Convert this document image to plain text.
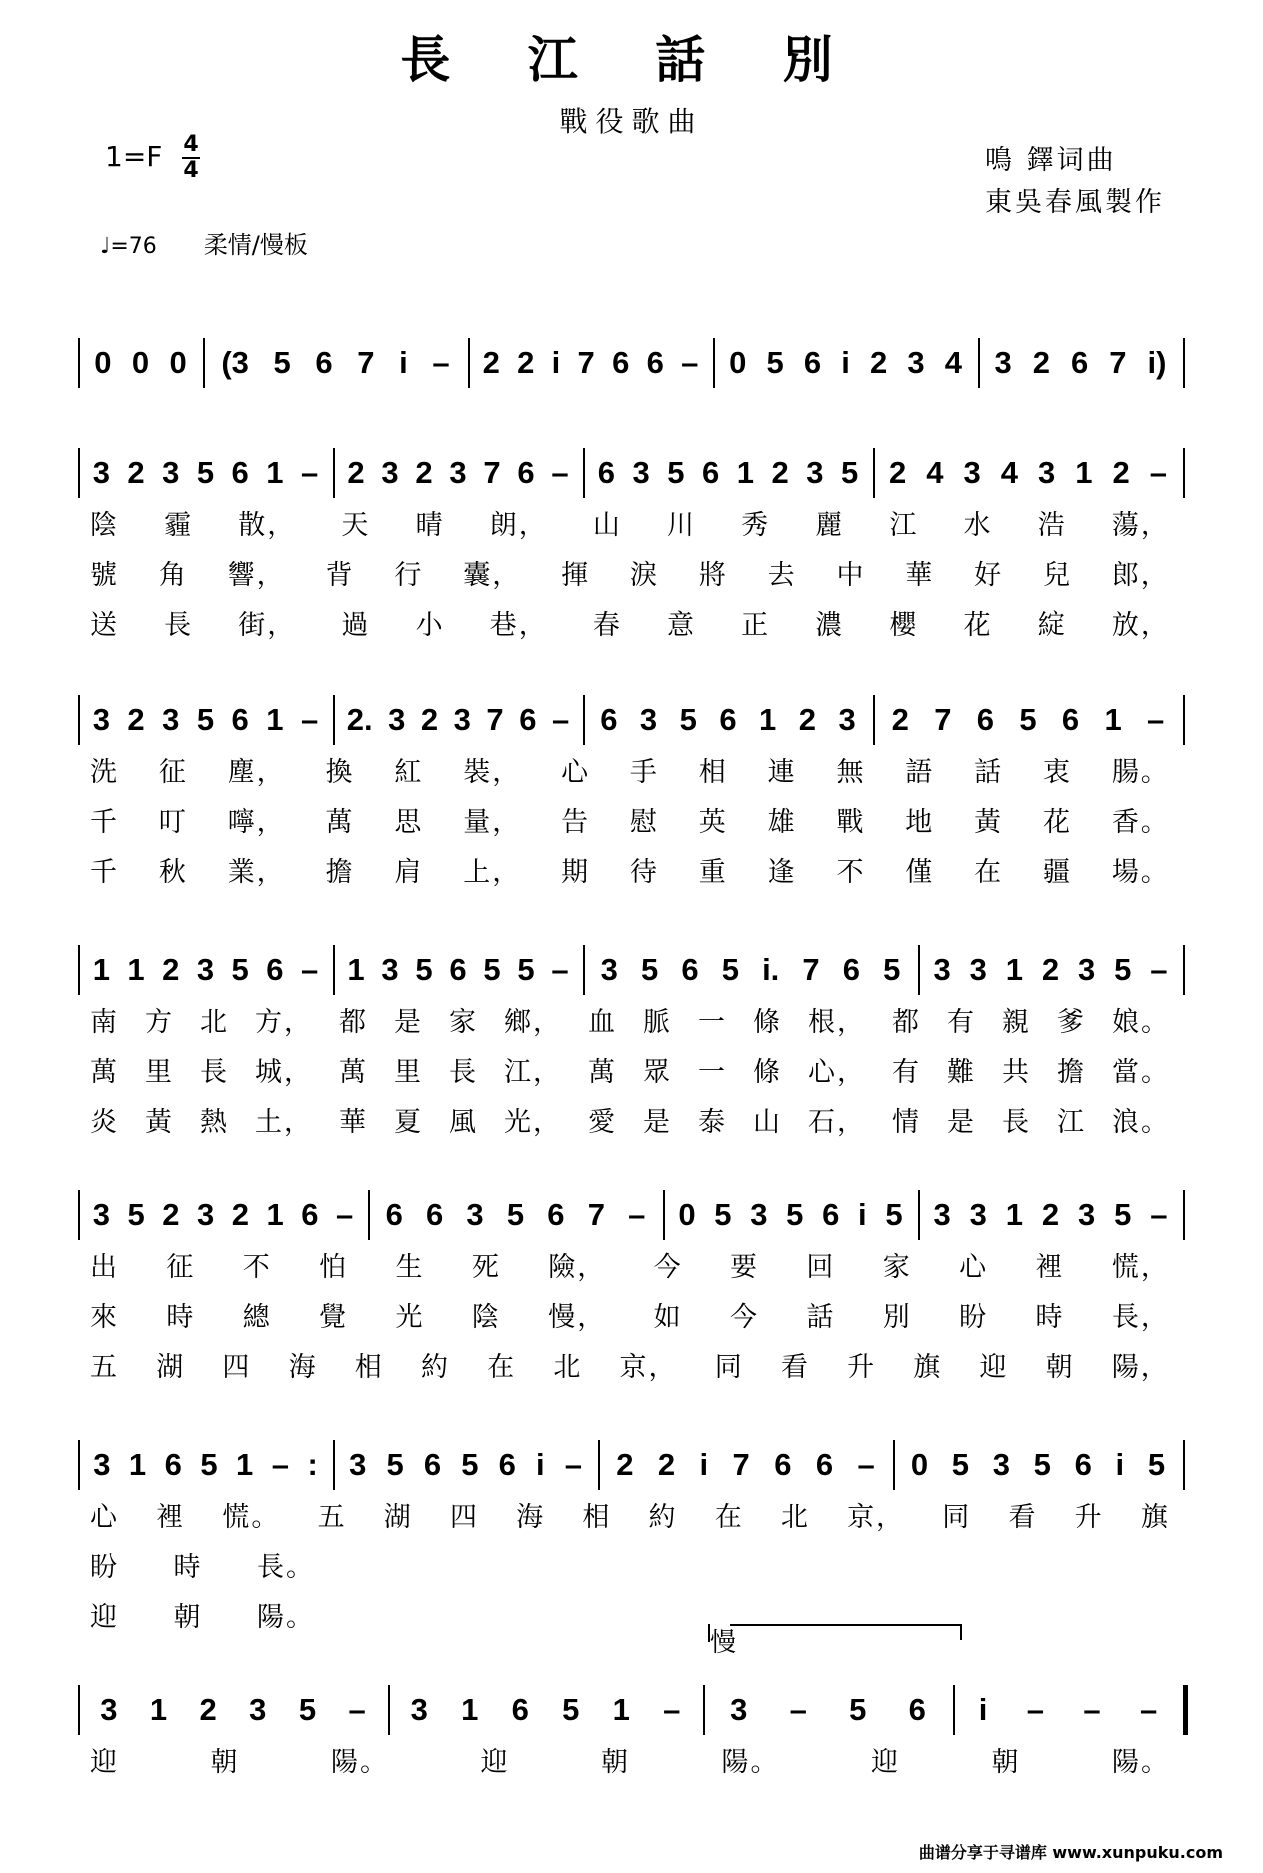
長 江 話 別
戰役歌曲
1=F 4
4	鳴 鐸词曲
東吳春風製作
♩=76 柔情/慢板
慢
0 0 0 (3 5 6 7 i – 2 2 i 7 6 6 – 0 5 6 i 2 3 4 3 2 6 7 i)
3 2 3 5 6 1 – 2 3 2 3 7 6 – 6 3 5 6 1 2 3 5 2 4 3 4 3 1 2 –
陰 霾 散， 天 晴 朗， 山 川 秀 麗 江 水 浩 蕩，
號 角 響， 背 行 囊， 揮 淚 將 去 中 華 好 兒 郎，
送 長 街， 過 小 巷， 春 意 正 濃 櫻 花 綻 放，
3 2 3 5 6 1 – 2. 3 2 3 7 6 – 6 3 5 6 1 2 3 2 7 6 5 6 1 –
洗 征 塵， 換 紅 裝， 心 手 相 連 無 語 話 衷 腸。
千 叮 嚀， 萬 思 量， 告 慰 英 雄 戰 地 黃 花 香。
千 秋 業， 擔 肩 上， 期 待 重 逢 不 僅 在 疆 場。
1 1 2 3 5 6 – 1 3 5 6 5 5 – 3 5 6 5 i. 7 6 5 3 3 1 2 3 5 –
南 方 北 方， 都 是 家 鄉， 血 脈 一 條 根， 都 有 親 爹 娘。
萬 里 長 城， 萬 里 長 江， 萬 眾 一 條 心， 有 難 共 擔 當。
炎 黃 熱 土， 華 夏 風 光， 愛 是 泰 山 石， 情 是 長 江 浪。
3 5 2 3 2 1 6 – 6 6 3 5 6 7 – 0 5 3 5 6 i 5 3 3 1 2 3 5 –
出 征 不 怕 生 死 險， 今 要 回 家 心 裡 慌，
來 時 總 覺 光 陰 慢， 如 今 話 別 盼 時 長，
五 湖 四 海 相 約 在 北 京， 同 看 升 旗 迎 朝 陽，
3 1 6 5 1 – : 3 5 6 5 6 i – 2 2 i 7 6 6 – 0 5 3 5 6 i 5
心 裡 慌。 五 湖 四 海 相 約 在 北 京， 同 看 升 旗
盼 時 長。
迎 朝 陽。
3 1 2 3 5 – 3 1 6 5 1 – 3 – 5 6 i – – –
迎	朝	陽。	迎	朝	陽。	迎	朝	陽。
曲谱分享于寻谱库 www.xunpuku.com
